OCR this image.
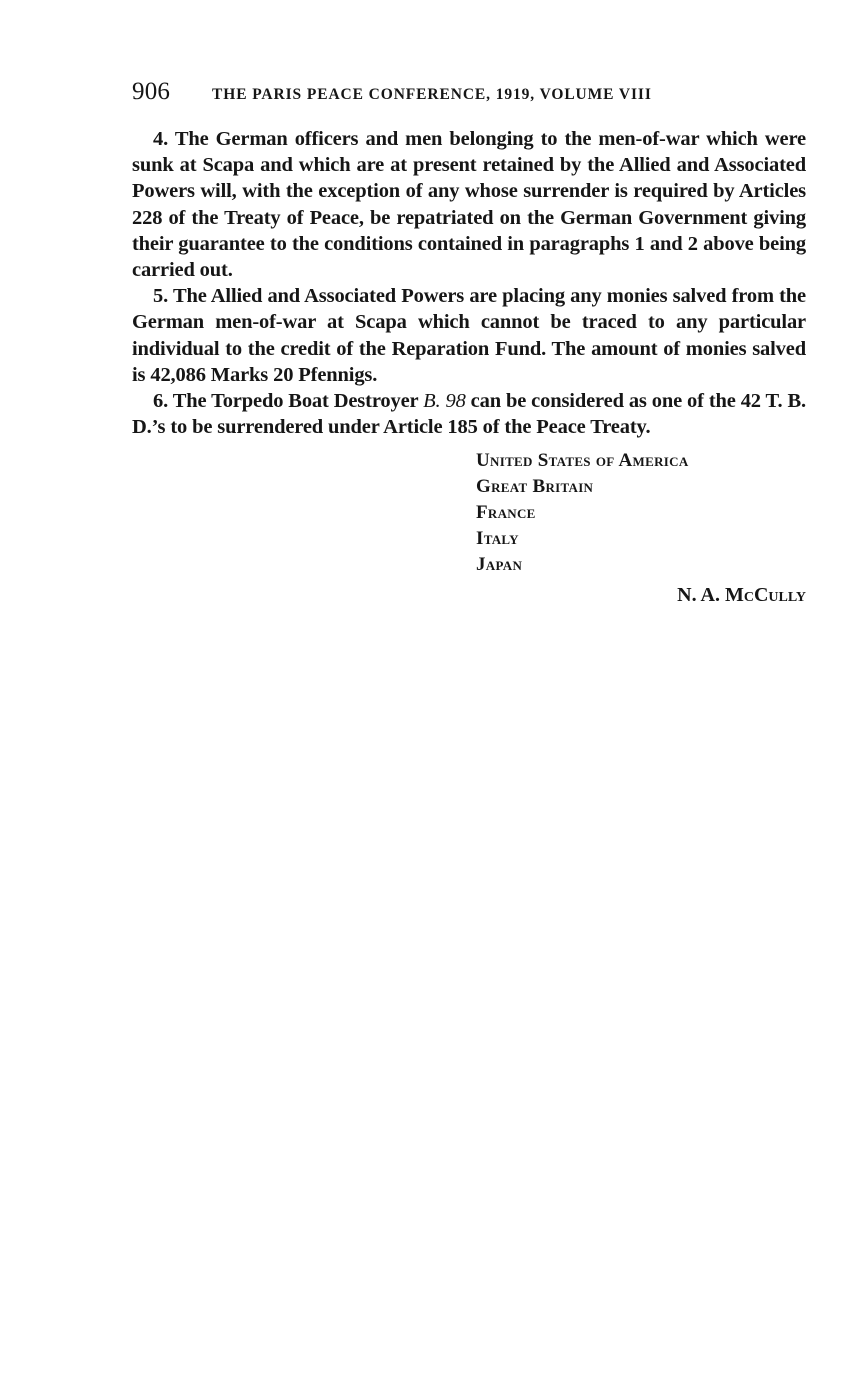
906	THE PARIS PEACE CONFERENCE, 1919, VOLUME VIII

4. The German officers and men belonging to the men-of-war which were sunk at Scapa and which are at present retained by the Allied and Associated Powers will, with the exception of any whose surrender is required by Articles 228 of the Treaty of Peace, be repatriated on the German Government giving their guarantee to the conditions contained in paragraphs 1 and 2 above being carried out.

5. The Allied and Associated Powers are placing any monies salved from the German men-of-war at Scapa which cannot be traced to any particular individual to the credit of the Reparation Fund. The amount of monies salved is 42,086 Marks 20 Pfennigs.

6. The Torpedo Boat Destroyer B. 98 can be considered as one of the 42 T. B. D.’s to be surrendered under Article 185 of the Peace Treaty.

United States of America
Great Britain
France
Italy
Japan
N. A. McCully
